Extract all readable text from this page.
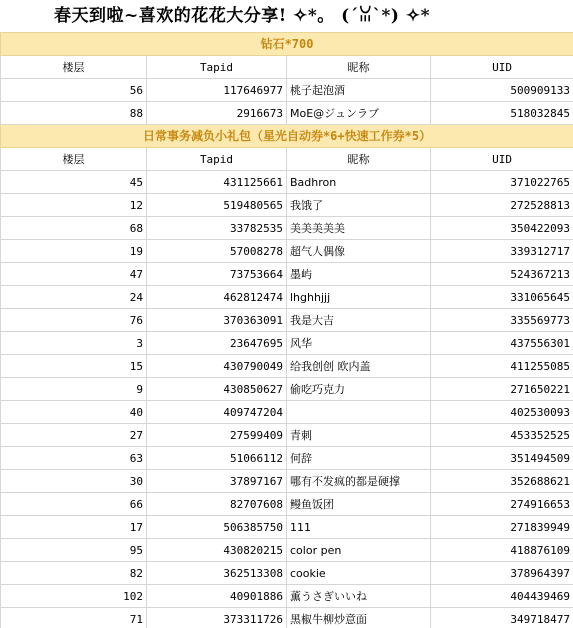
春天到啦~喜欢的花花大分享! ✧*。 (´ꈍ`*) ✧*
钻石*700			
楼层	Tapid	昵称	UID
56	117646977	桃子起泡酒	500909133
88	2916673	MoE@ジュンラブ	518032845
日常事务减负小礼包（星光自动券*6+快速工作券*5）			
楼层	Tapid	昵称	UID
45	431125661	Badhron	371022765
12	519480565	我饿了	272528813
68	33782535	美美美美美	350422093
19	57008278	超气人偶像	339312717
47	73753664	墨屿	524367213
24	462812474	lhghhjjj	331065645
76	370363091	我是大吉	335569773
3	23647695	风华	437556301
15	430790049	给我创创 欧内盖	411255085
9	430850627	偷吃巧克力	271650221
40	409747204		402530093
27	27599409	青刺	453352525
63	51066112	何辞	351494509
30	37897167	哪有不发疯的都是硬撑	352688621
66	82707608	鳗鱼饭团	274916653
17	506385750	111	271839949
95	430820215	color pen	418876109
82	362513308	cookie	378964397
102	40901886	薫うさぎいいね	404439469
71	373311726	黑椒牛柳炒意面	349718477
